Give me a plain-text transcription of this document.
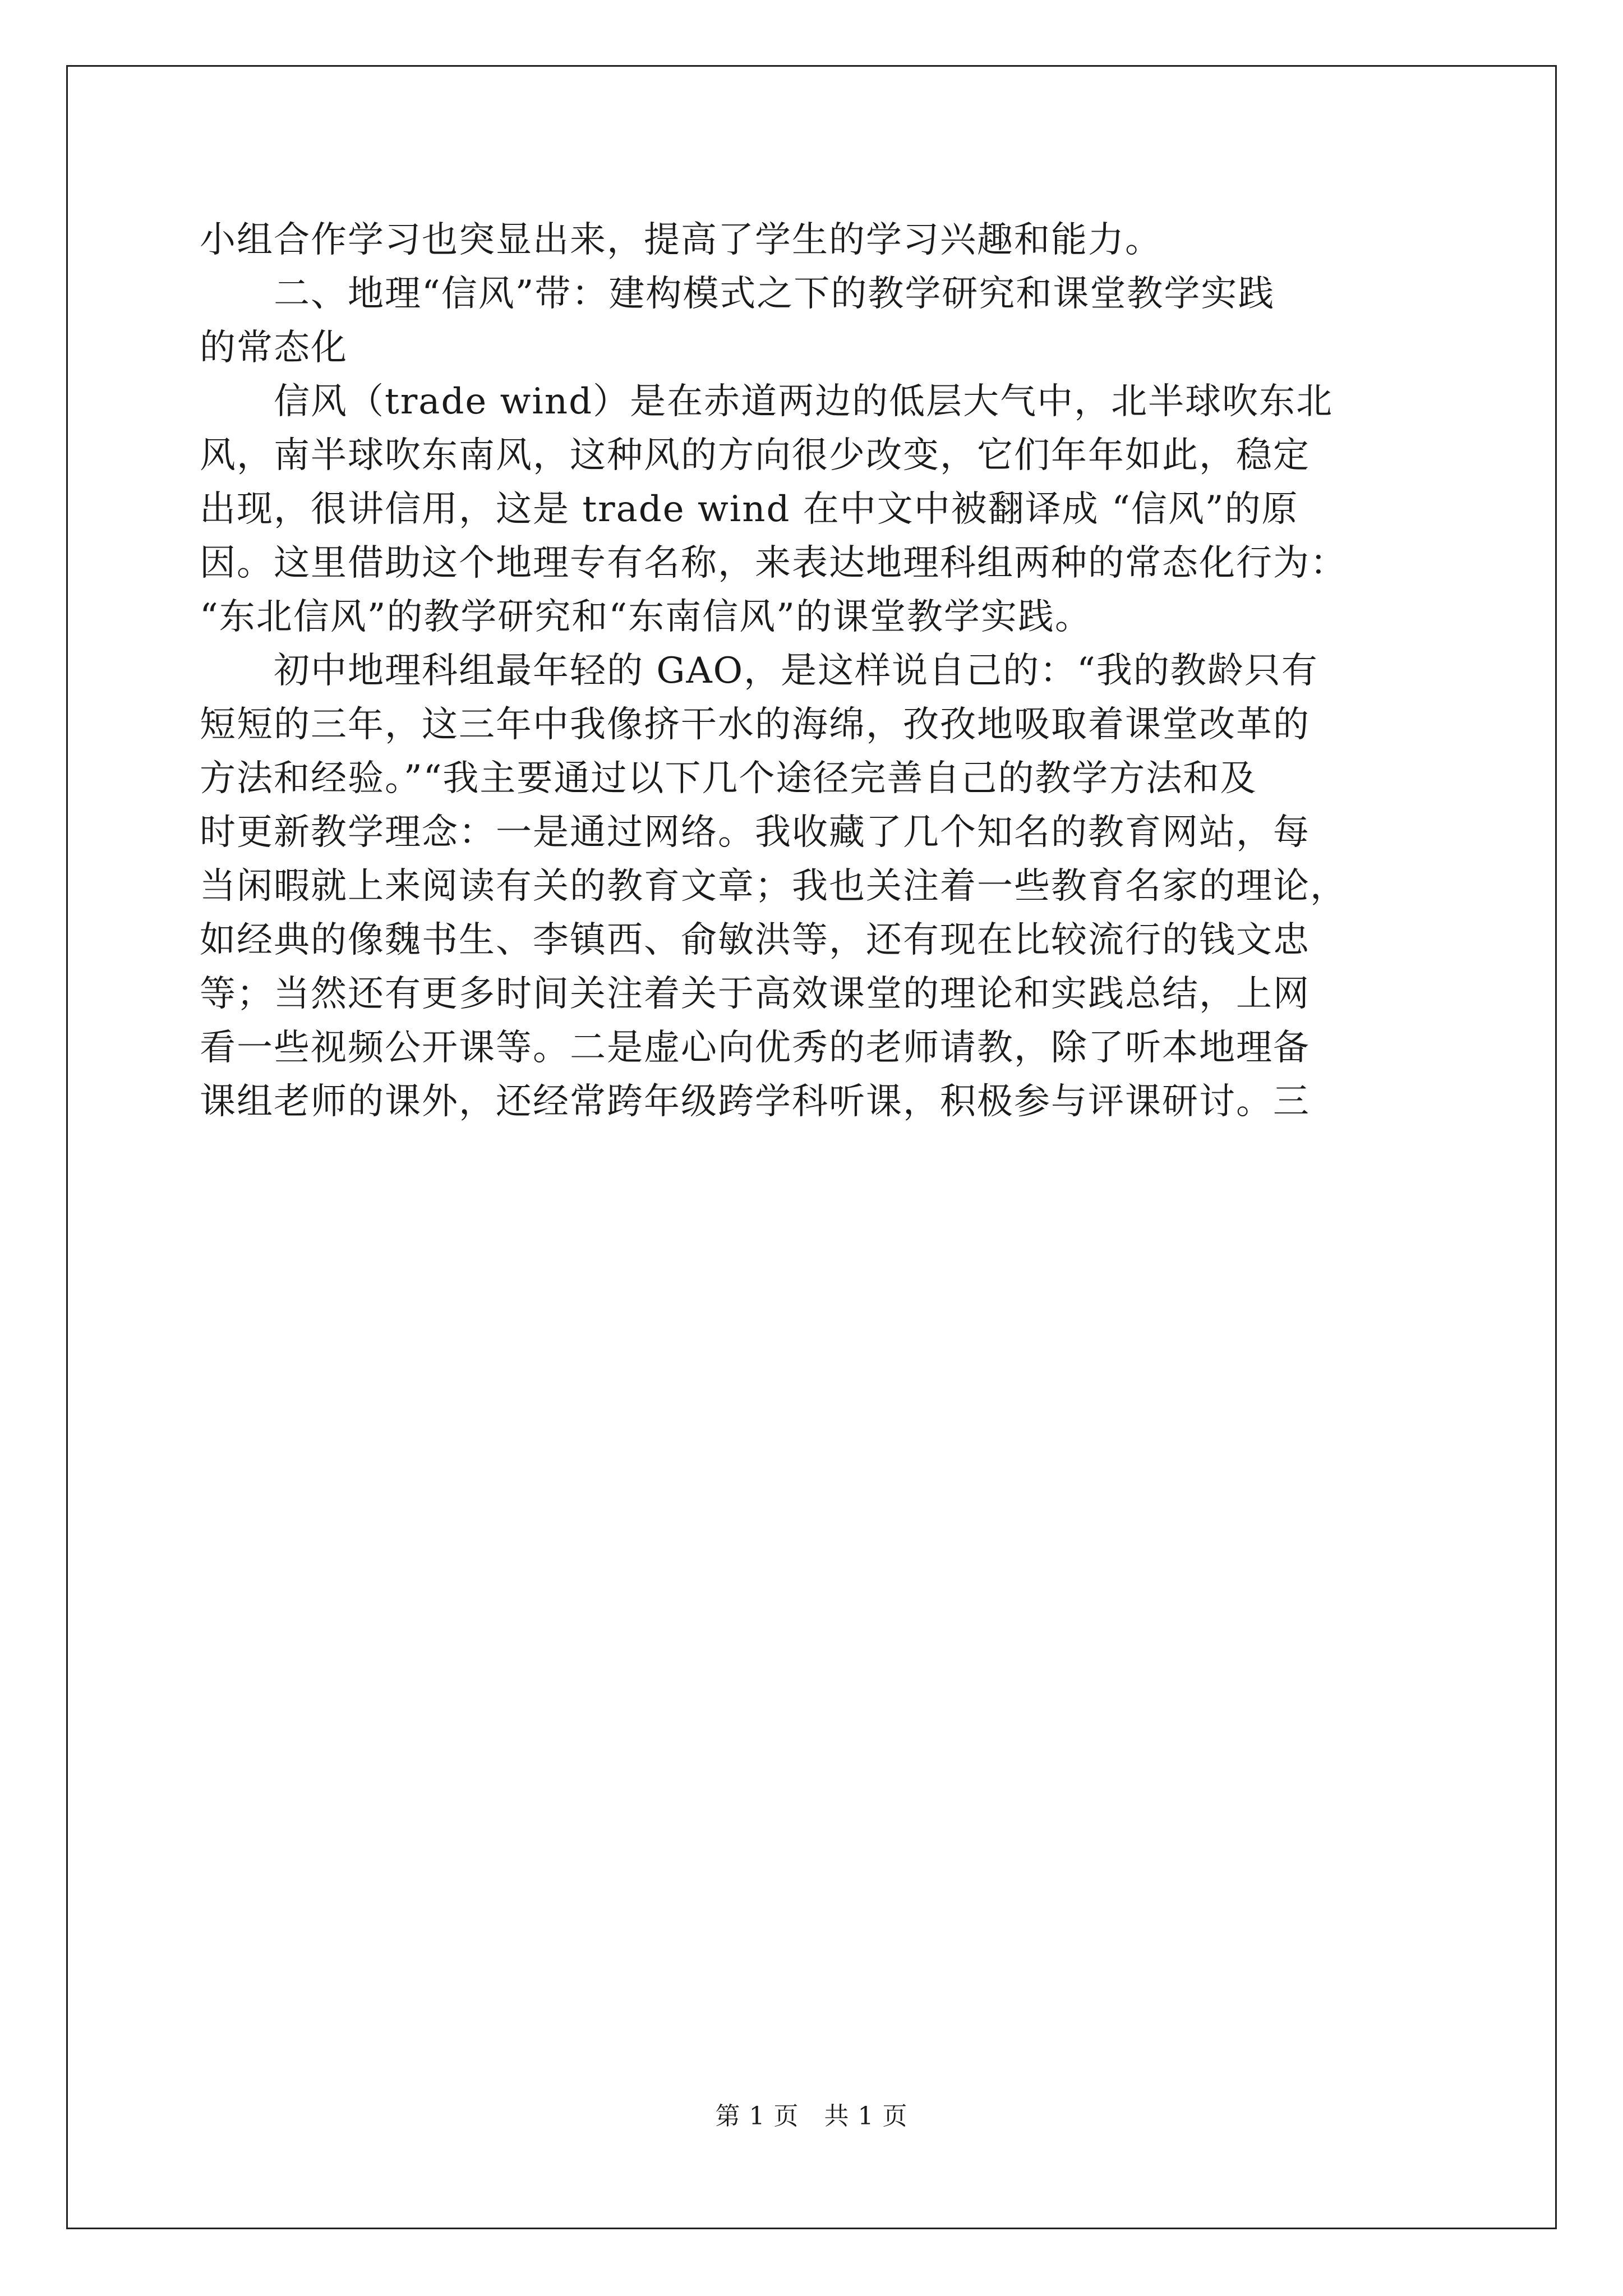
小组合作学习也突显出来，提高了学生的学习兴趣和能力。

　　二、地理“信风”带：建构模式之下的教学研究和课堂教学实践

的常态化

　　信风（trade wind）是在赤道两边的低层大气中，北半球吹东北

风，南半球吹东南风，这种风的方向很少改变，它们年年如此，稳定

出现，很讲信用，这是 trade wind 在中文中被翻译成 “信风”的原

因。这里借助这个地理专有名称，来表达地理科组两种的常态化行为：

“东北信风”的教学研究和“东南信风”的课堂教学实践。

　　初中地理科组最年轻的 GAO，是这样说自己的：“我的教龄只有

短短的三年，这三年中我像挤干水的海绵，孜孜地吸取着课堂改革的

方法和经验。”“我主要通过以下几个途径完善自己的教学方法和及

时更新教学理念：一是通过网络。我收藏了几个知名的教育网站，每

当闲暇就上来阅读有关的教育文章；我也关注着一些教育名家的理论，

如经典的像魏书生、李镇西、俞敏洪等，还有现在比较流行的钱文忠

等；当然还有更多时间关注着关于高效课堂的理论和实践总结，上网

看一些视频公开课等。二是虚心向优秀的老师请教，除了听本地理备

课组老师的课外，还经常跨年级跨学科听课，积极参与评课研讨。三

第 1 页　共 1 页
